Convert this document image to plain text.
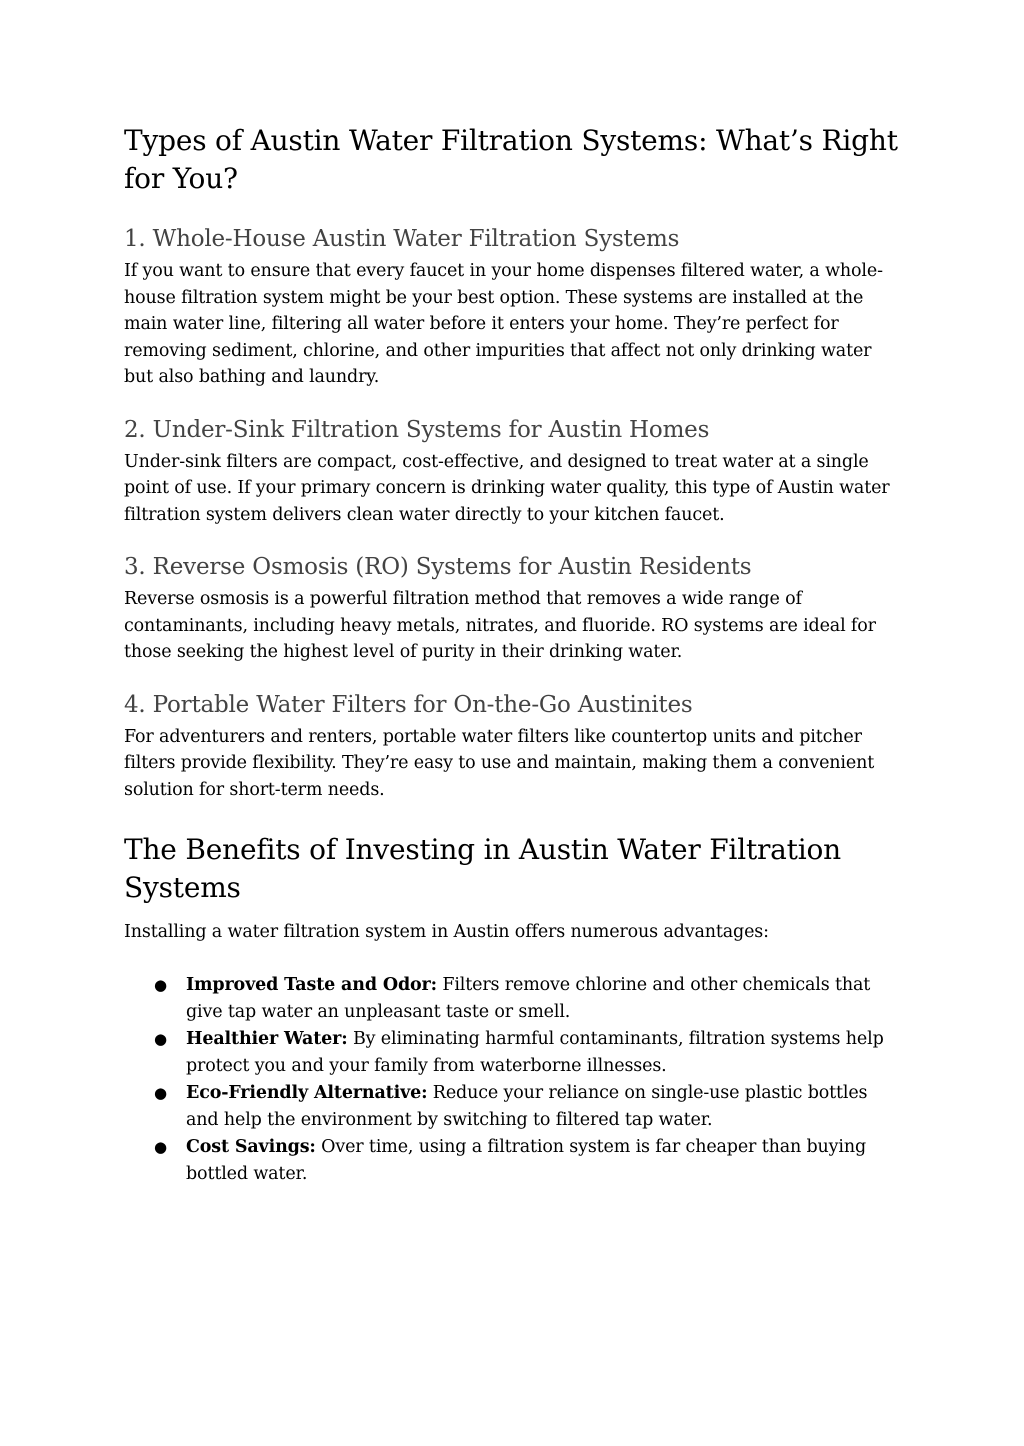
Types of Austin Water Filtration Systems: What’s Right for You?
1. Whole-House Austin Water Filtration Systems

If you want to ensure that every faucet in your home dispenses filtered water, a whole-house filtration system might be your best option. These systems are installed at the main water line, filtering all water before it enters your home. They’re perfect for removing sediment, chlorine, and other impurities that affect not only drinking water but also bathing and laundry.

2. Under-Sink Filtration Systems for Austin Homes

Under-sink filters are compact, cost-effective, and designed to treat water at a single point of use. If your primary concern is drinking water quality, this type of Austin water filtration system delivers clean water directly to your kitchen faucet.

3. Reverse Osmosis (RO) Systems for Austin Residents

Reverse osmosis is a powerful filtration method that removes a wide range of contaminants, including heavy metals, nitrates, and fluoride. RO systems are ideal for those seeking the highest level of purity in their drinking water.

4. Portable Water Filters for On-the-Go Austinites

For adventurers and renters, portable water filters like countertop units and pitcher filters provide flexibility. They’re easy to use and maintain, making them a convenient solution for short-term needs.

The Benefits of Investing in Austin Water Filtration Systems

Installing a water filtration system in Austin offers numerous advantages:

● Improved Taste and Odor: Filters remove chlorine and other chemicals that give tap water an unpleasant taste or smell.
● Healthier Water: By eliminating harmful contaminants, filtration systems help protect you and your family from waterborne illnesses.
● Eco-Friendly Alternative: Reduce your reliance on single-use plastic bottles and help the environment by switching to filtered tap water.
● Cost Savings: Over time, using a filtration system is far cheaper than buying bottled water.
